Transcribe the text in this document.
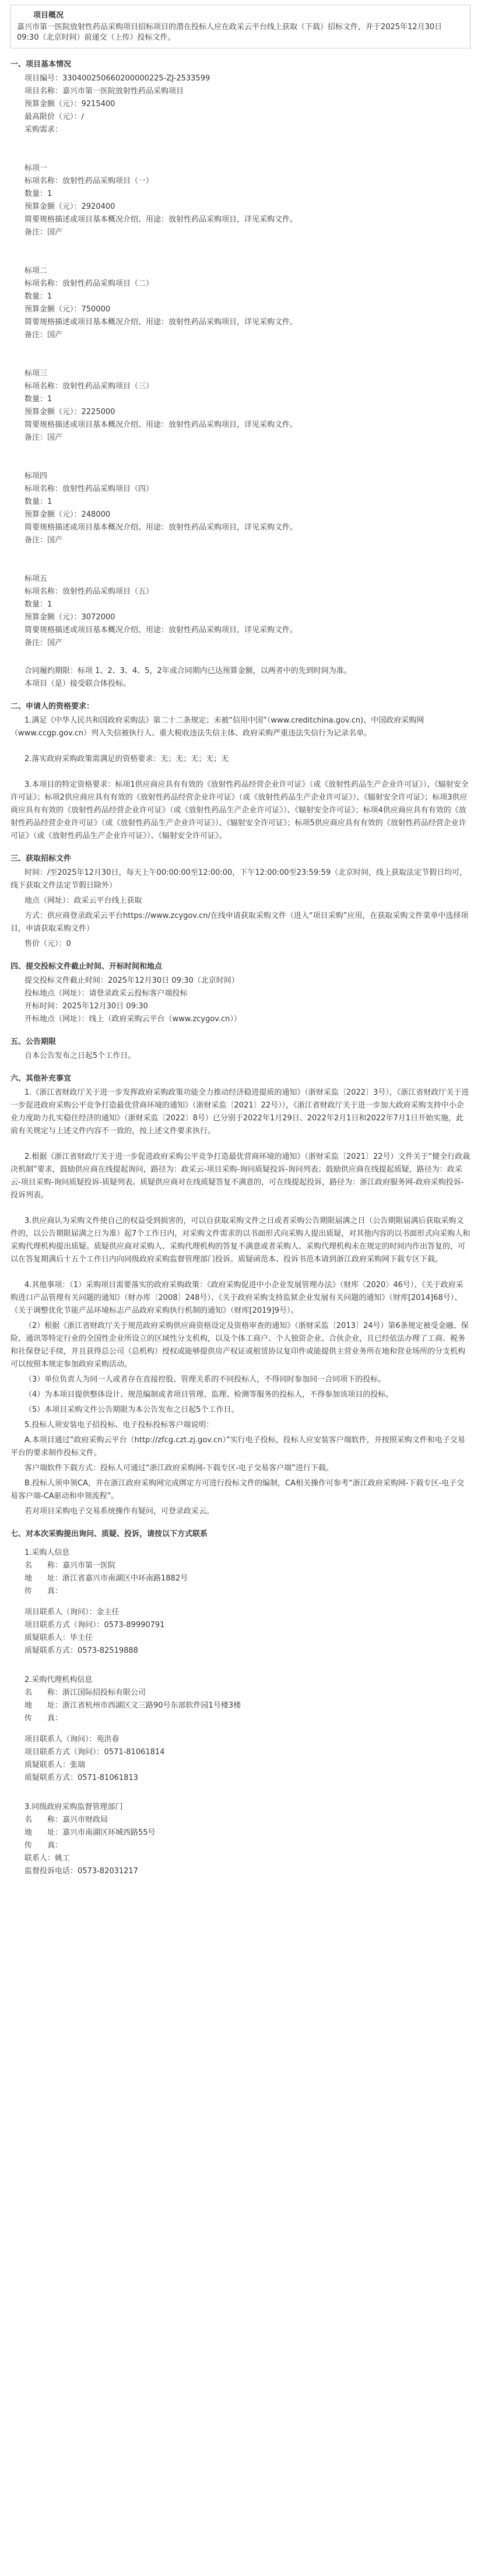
项目概况
嘉兴市第一医院放射性药品采购项目招标项目的潜在投标人应在政采云平台线上获取（下载）招标文件，并于2025年12月30日 09:30（北京时间）前递交（上传）投标文件。
一、项目基本情况
项目编号：330400250660200000225-ZJ-2533599
项目名称：嘉兴市第一医院放射性药品采购项目
预算金额（元）：9215400
最高限价（元）：/
采购需求：
标项一
标项名称：放射性药品采购项目（一）
数量：1
预算金额（元）：2920400
简要规格描述或项目基本概况介绍、用途：放射性药品采购项目，详见采购文件。
备注：国产
标项二
标项名称：放射性药品采购项目（二）
数量：1
预算金额（元）：750000
简要规格描述或项目基本概况介绍、用途：放射性药品采购项目，详见采购文件。
备注：国产
标项三
标项名称：放射性药品采购项目（三）
数量：1
预算金额（元）：2225000
简要规格描述或项目基本概况介绍、用途：放射性药品采购项目，详见采购文件。
备注：国产
标项四
标项名称：放射性药品采购项目（四）
数量：1
预算金额（元）：248000
简要规格描述或项目基本概况介绍、用途：放射性药品采购项目，详见采购文件。
备注：国产
标项五
标项名称：放射性药品采购项目（五）
数量：1
预算金额（元）：3072000
简要规格描述或项目基本概况介绍、用途：放射性药品采购项目，详见采购文件。
备注：国产
合同履约期限：标项 1、2、3、4、5，2年或合同期内已达预算金额，以两者中的先到时间为准。
本项目（是）接受联合体投标。
二、申请人的资格要求：
1.满足《中华人民共和国政府采购法》第二十二条规定；未被“信用中国”（www.creditchina.gov.cn)、中国政府采购网（www.ccgp.gov.cn）列入失信被执行人、重大税收违法失信主体、政府采购严重违法失信行为记录名单。
2.落实政府采购政策需满足的资格要求：无；无；无；无；无
3.本项目的特定资格要求：标项1供应商应具有有效的《放射性药品经营企业许可证》（或《放射性药品生产企业许可证》）、《辐射安全许可证》；标项2供应商应具有有效的《放射性药品经营企业许可证》（或《放射性药品生产企业许可证》）、《辐射安全许可证》；标项3供应商应具有有效的《放射性药品经营企业许可证》（或《放射性药品生产企业许可证》）、《辐射安全许可证》；标项4供应商应具有有效的《放射性药品经营企业许可证》（或《放射性药品生产企业许可证》）、《辐射安全许可证》；标项5供应商应具有有效的《放射性药品经营企业许可证》（或《放射性药品生产企业许可证》）、《辐射安全许可证》。
三、获取招标文件
时间：/至2025年12月30日，每天上午00:00:00至12:00:00，下午12:00:00至23:59:59（北京时间，线上获取法定节假日均可，线下获取文件法定节假日除外）
地点（网址）：政采云平台线上获取
方式：供应商登录政采云平台https://www.zcygov.cn/在线申请获取采购文件（进入“项目采购”应用，在获取采购文件菜单中选择项目，申请获取采购文件）
售价（元）：0
四、提交投标文件截止时间、开标时间和地点
提交投标文件截止时间：2025年12月30日 09:30（北京时间）
投标地点（网址）：请登录政采云投标客户端投标
开标时间：2025年12月30日 09:30
开标地点（网址）：线上（政府采购云平台（www.zcygov.cn））
五、公告期限
自本公告发布之日起5个工作日。
六、其他补充事宜
1.《浙江省财政厅关于进一步发挥政府采购政策功能全力推动经济稳进提质的通知》（浙财采监〔2022〕3号），《浙江省财政厅关于进一步促进政府采购公平竞争打造最优营商环境的通知》（浙财采监〔2021〕22号）），《浙江省财政厅关于进一步加大政府采购支持中小企业力度助力扎实稳住经济的通知》（浙财采监〔2022〕8号）已分别于2022年1月29日、2022年2月1日和2022年7月1日开始实施，此前有关规定与上述文件内容不一致的，按上述文件要求执行。
2.根据《浙江省财政厅关于进一步促进政府采购公平竞争打造最优营商环境的通知》（浙财采监〔2021〕22号）文件关于“健全行政裁决机制”要求，鼓励供应商在线提起询问，路径为：政采云-项目采购-询问质疑投诉-询问列表；鼓励供应商在线提起质疑，路径为：政采云-项目采购-询问质疑投诉-质疑列表。质疑供应商对在线质疑答复不满意的，可在线提起投诉，路径为：浙江政府服务网-政府采购投诉-投诉列表。
3.供应商认为采购文件使自己的权益受到损害的，可以自获取采购文件之日或者采购公告期限届满之日（公告期限届满后获取采购文件的，以公告期限届满之日为准）起7个工作日内，对采购文件需求的以书面形式向采购人提出质疑，对其他内容的以书面形式向采购人和采购代理机构提出质疑。质疑供应商对采购人、采购代理机构的答复不满意或者采购人、采购代理机构未在规定的时间内作出答复的，可以在答复期满后十五个工作日内向同级政府采购监督管理部门投诉。质疑函范本、投诉书范本请到浙江政府采购网下载专区下载。
4.其他事项：（1）采购项目需要落实的政府采购政策：《政府采购促进中小企业发展管理办法》（财库〈2020〉46号）、《关于政府采购进口产品管理有关问题的通知》（财办库〔2008〕248号）、《关于政府采购支持监狱企业发展有关问题的通知》（财库[2014]68号）、《关于调整优化节能产品环境标志产品政府采购执行机制的通知》（财库[2019]9号）。
（2）根据《浙江省财政厅关于规范政府采购供应商资格设定及资格审查的通知》（浙财采监〔2013〕24号）第6条规定被受金融、保险、通讯等特定行业的全国性企业所设立的区域性分支机构，以及个体工商户、个人独资企业、合伙企业，且已经依法办理了工商、税务和社保登记手续，并且获得总公司（总机构）授权或能够提供房产权证或租赁协议复印件或能提供主营业务所在地和营业场所的分支机构可以按照本规定参加政府采购活动。
（3）单位负责人为同一人或者存在直接控股、管理关系的不同投标人，不得同时参加同一合同项下的投标。
（4）为本项目提供整体设计、规范编制或者项目管理、监理、检测等服务的投标人，不得参加该项目的投标。
（5）本项目采购文件公告期限为本公告发布之日起5个工作日。
5.投标人须安装电子招投标、电子投标投标客户端说明：
A.本项目通过“政府采购云平台（http://zfcg.czt.zj.gov.cn）”实行电子投标，投标人应安装客户端软件，并按照采购文件和电子交易平台的要求制作投标文件。
客户端软件下载方式：投标人可通过“浙江政府采购网-下载专区-电子交易客户端”进行下载。
B.投标人须申领CA，并在浙江政府采购网完成绑定方可进行投标文件的编制，CA相关操作可参考“浙江政府采购网-下载专区-电子交易客户端-CA驱动和申领流程”。
若对项目采购电子交易系统操作有疑问，可登录政采云。
七、对本次采购提出询问、质疑、投诉，请按以下方式联系
1.采购人信息
名　　称：嘉兴市第一医院
地　　址：浙江省嘉兴市南湖区中环南路1882号
传　　真：
项目联系人（询问）：金主任
项目联系方式（询问）：0573-89990791
质疑联系人：毕主任
质疑联系方式：0573-82519888
2.采购代理机构信息
名　　称：浙江国际招投标有限公司
地　　址：浙江省杭州市西湖区文三路90号东部软件园1号楼3楼
传　　真：
项目联系人（询问）：苑洪春
项目联系方式（询问）：0571-81061814
质疑联系人：张瑞
质疑联系方式：0571-81061813
3.同级政府采购监督管理部门
名　　称：嘉兴市财政局
地　　址：嘉兴市南湖区环城西路55号
传　　真：
联系人：姚工
监督投诉电话：0573-82031217
